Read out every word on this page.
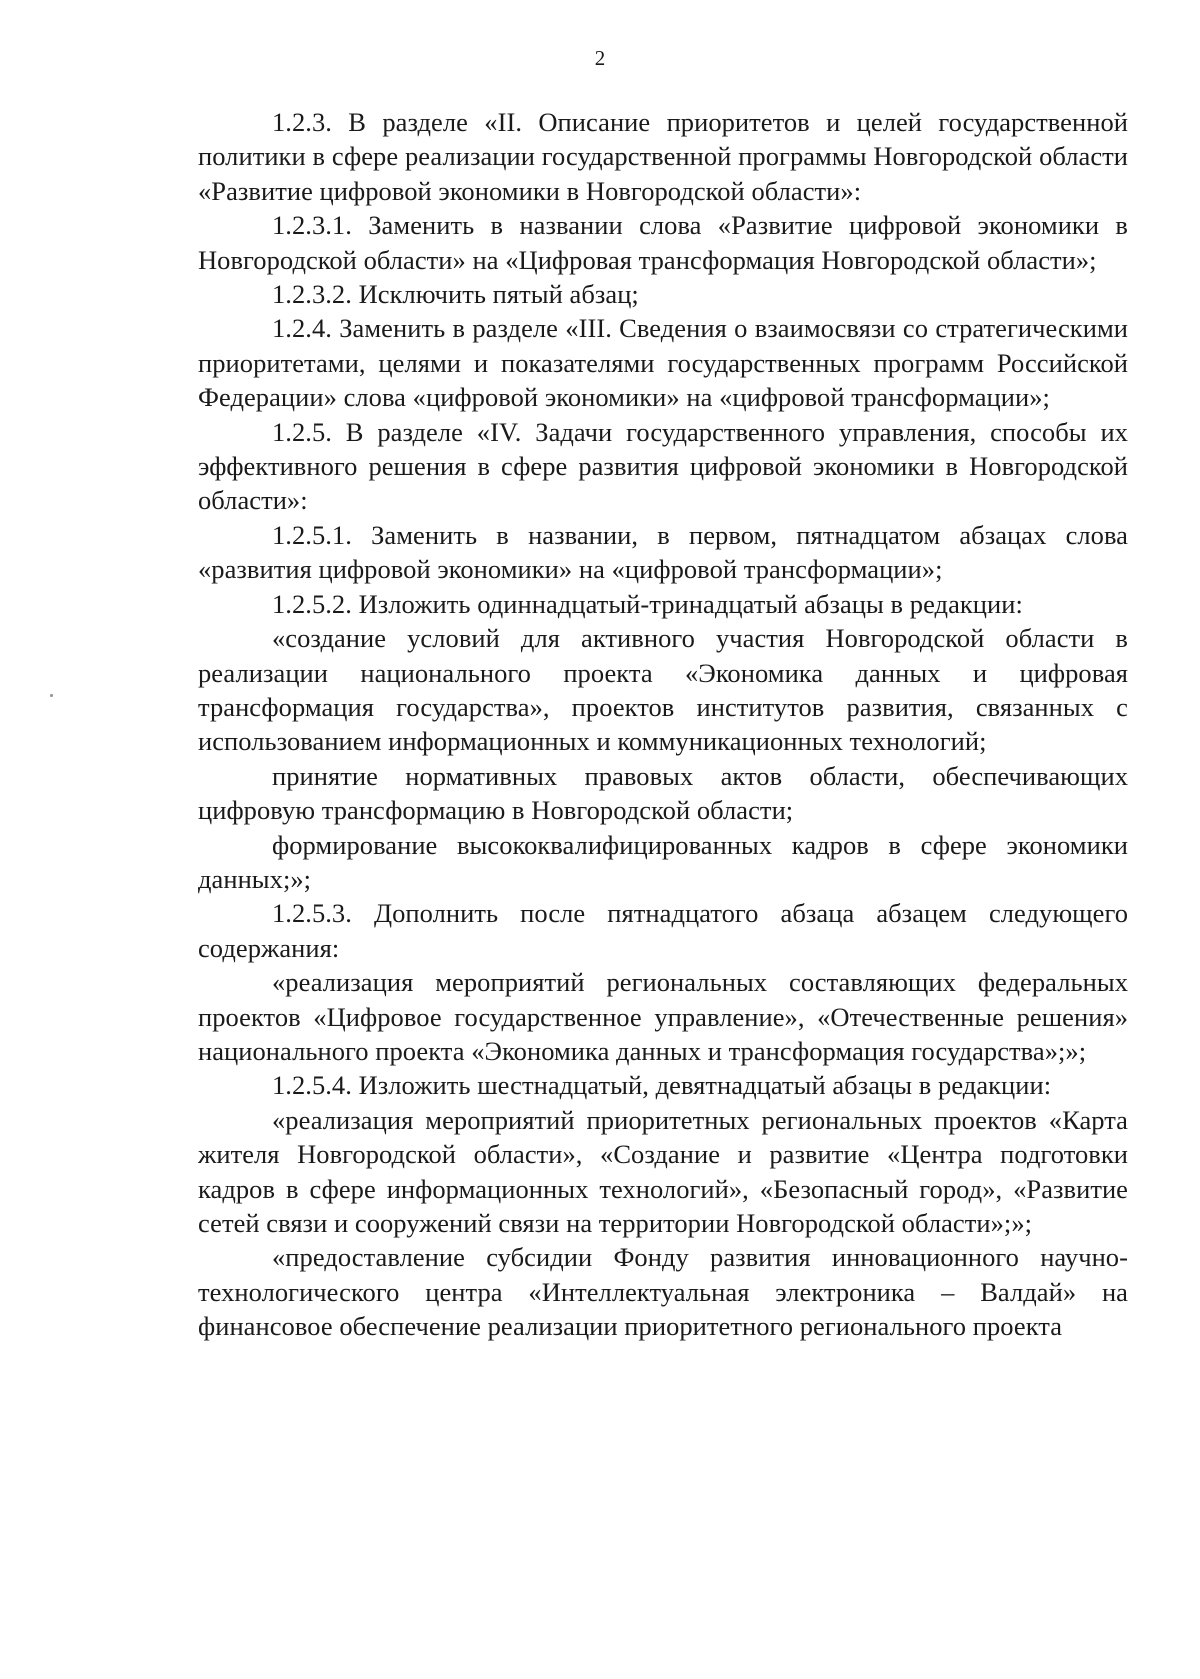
2

1.2.3. В разделе «II. Описание приоритетов и целей государственной политики в сфере реализации государственной программы Новгородской области «Развитие цифровой экономики в Новгородской области»:

1.2.3.1. Заменить в названии слова «Развитие цифровой экономики в Новгородской области» на «Цифровая трансформация Новгородской области»;

1.2.3.2. Исключить пятый абзац;

1.2.4. Заменить в разделе «III. Сведения о взаимосвязи со стратегическими приоритетами, целями и показателями государственных программ Российской Федерации» слова «цифровой экономики» на «цифровой трансформации»;

1.2.5. В разделе «IV. Задачи государственного управления, способы их эффективного решения в сфере развития цифровой экономики в Новгородской области»:

1.2.5.1. Заменить в названии, в первом, пятнадцатом абзацах слова «развития цифровой экономики» на «цифровой трансформации»;

1.2.5.2. Изложить одиннадцатый-тринадцатый абзацы в редакции:

«создание условий для активного участия Новгородской области в реализации национального проекта «Экономика данных и цифровая трансформация государства», проектов институтов развития, связанных с использованием информационных и коммуникационных технологий;

принятие нормативных правовых актов области, обеспечивающих цифровую трансформацию в Новгородской области;

формирование высококвалифицированных кадров в сфере экономики данных;»;

1.2.5.3. Дополнить после пятнадцатого абзаца абзацем следующего содержания:

«реализация мероприятий региональных составляющих федеральных проектов «Цифровое государственное управление», «Отечественные решения» национального проекта «Экономика данных и трансформация государства»;»;

1.2.5.4. Изложить шестнадцатый, девятнадцатый абзацы в редакции:

«реализация мероприятий приоритетных региональных проектов «Карта жителя Новгородской области», «Создание и развитие «Центра подготовки кадров в сфере информационных технологий», «Безопасный город», «Развитие сетей связи и сооружений связи на территории Новгородской области»;»;

«предоставление субсидии Фонду развития инновационного научно-технологического центра «Интеллектуальная электроника – Валдай» на финансовое обеспечение реализации приоритетного регионального проекта
